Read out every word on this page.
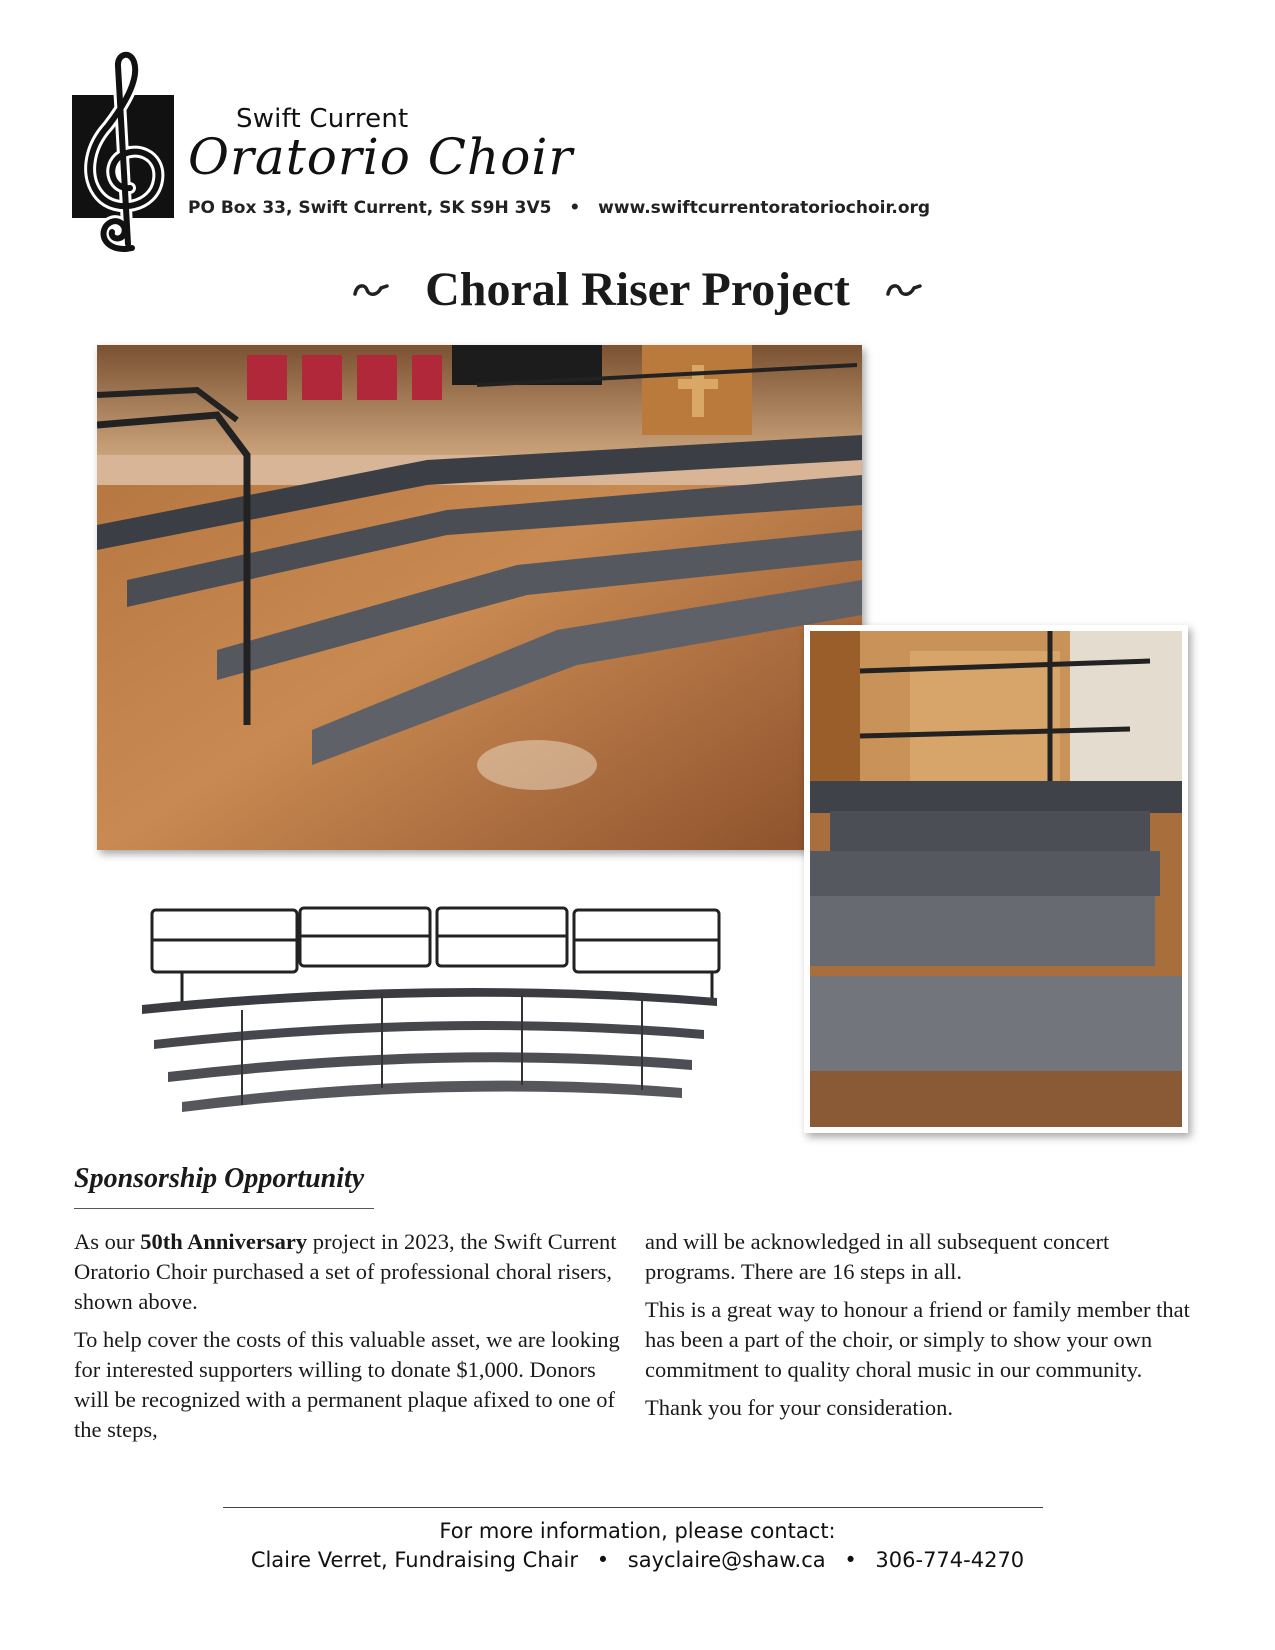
Swift Current
Oratorio Choir
PO Box 33, Swift Current, SK S9H 3V5 • www.swiftcurrentoratoriochoir.org
Choral Riser Project
Sponsorship Opportunity

As our 50th Anniversary project in 2023, the Swift Current Oratorio Choir purchased a set of professional choral risers, shown above.

To help cover the costs of this valuable asset, we are looking for interested supporters willing to donate $1,000. Donors will be recognized with a permanent plaque afixed to one of the steps,

and will be acknowledged in all subsequent concert programs. There are 16 steps in all.

This is a great way to honour a friend or family member that has been a part of the choir, or simply to show your own commitment to quality choral music in our community.

Thank you for your consideration.

For more information, please contact:
Claire Verret, Fundraising Chair • sayclaire@shaw.ca • 306-774-4270
